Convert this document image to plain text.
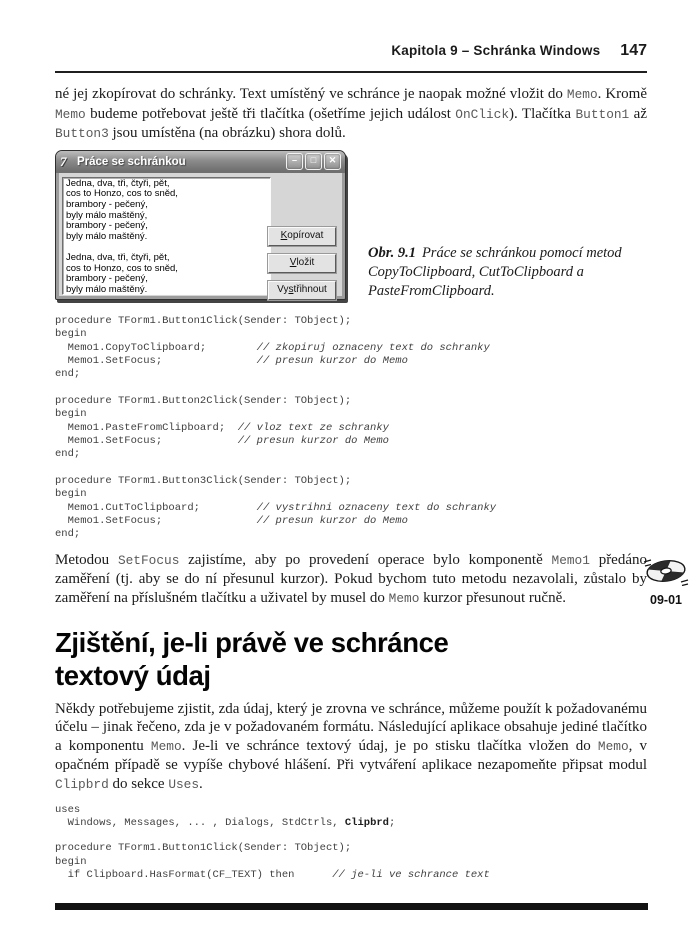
Kapitola 9 – Schránka Windows 147

né jej zkopírovat do schránky. Text umístěný ve schránce je naopak možné vložit do Memo. Kromě Memo budeme potřebovat ještě tři tlačítka (ošetříme jejich událost OnClick). Tlačítka Button1 až Button3 jsou umístěna (na obrázku) shora dolů.

7 Práce se schránkou	–	□	✕
Jedna, dva, tři, čtyři, pět,
cos to Honzo, cos to sněd,
brambory - pečený,
byly málo maštěný,
brambory - pečený,
byly málo maštěný.

Jedna, dva, tři, čtyři, pět,
cos to Honzo, cos to sněd,
brambory - pečený,
byly málo maštěný.
Kopírovat
Vložit
Vystřihnout
Obr. 9.1 Práce se schránkou pomocí metod CopyToClipboard, CutToClipboard a PasteFromClipboard.
procedure TForm1.Button1Click(Sender: TObject);
begin
Memo1.CopyToClipboard;        // zkopiruj oznaceny text do schranky
Memo1.SetFocus;               // presun kurzor do Memo
end;
procedure TForm1.Button2Click(Sender: TObject);
begin
Memo1.PasteFromClipboard;  // vloz text ze schranky
Memo1.SetFocus;            // presun kurzor do Memo
end;
procedure TForm1.Button3Click(Sender: TObject);
begin
Memo1.CutToClipboard;         // vystrihni oznaceny text do schranky
Memo1.SetFocus;               // presun kurzor do Memo
end;

Metodou SetFocus zajistíme, aby po provedení operace bylo komponentě Memo1 předáno zaměření (tj. aby se do ní přesunul kurzor). Pokud bychom tuto metodu nezavolali, zůstalo by zaměření na příslušném tlačítku a uživatel by musel do Memo kurzor přesunout ručně.

Zjištění, je-li právě ve schránce
textový údaj

Někdy potřebujeme zjistit, zda údaj, který je zrovna ve schránce, můžeme použít k požadovanému účelu – jinak řečeno, zda je v požadovaném formátu. Následující aplikace obsahuje jediné tlačítko a komponentu Memo. Je-li ve schránce textový údaj, je po stisku tlačítka vložen do Memo, v opačném případě se vypíše chybové hlášení. Při vytváření aplikace nezapomeňte připsat modul Clipbrd do sekce Uses.

uses
Windows, Messages, ... , Dialogs, StdCtrls, Clipbrd;
procedure TForm1.Button1Click(Sender: TObject);
begin
if Clipboard.HasFormat(CF_TEXT) then      // je-li ve schrance text
09-01
